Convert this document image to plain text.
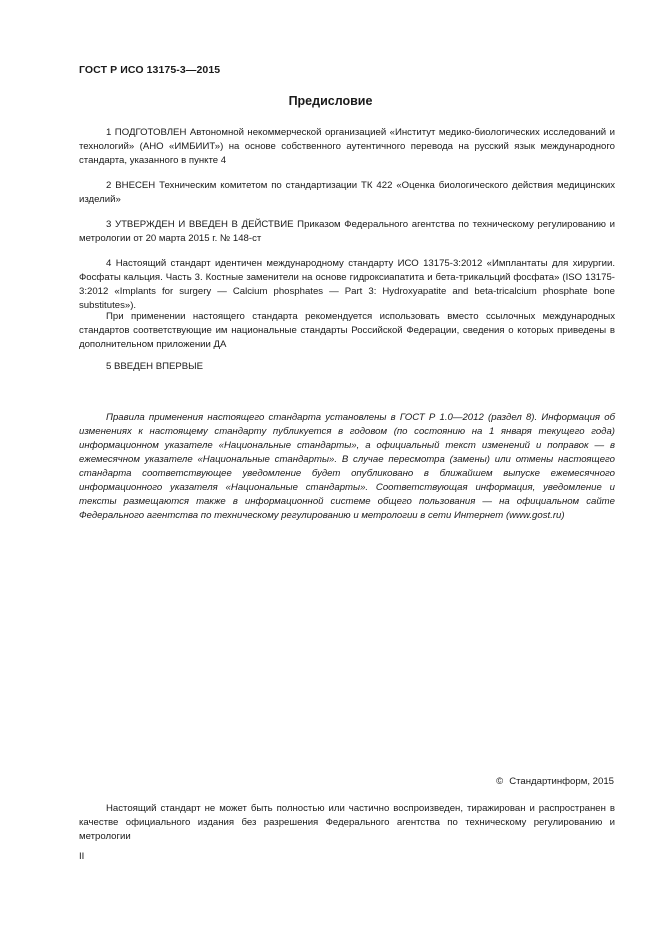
ГОСТ Р ИСО 13175-3—2015
Предисловие
1 ПОДГОТОВЛЕН Автономной некоммерческой организацией «Институт медико-биологических исследований и технологий» (АНО «ИМБИИТ») на основе собственного аутентичного перевода на русский язык международного стандарта, указанного в пункте 4
2 ВНЕСЕН Техническим комитетом по стандартизации ТК 422 «Оценка биологического действия медицинских изделий»
3 УТВЕРЖДЕН И ВВЕДЕН В ДЕЙСТВИЕ Приказом Федерального агентства по техническому регулированию и метрологии от 20 марта 2015 г. № 148-ст
4 Настоящий стандарт идентичен международному стандарту ИСО 13175-3:2012 «Имплантаты для хирургии. Фосфаты кальция. Часть 3. Костные заменители на основе гидроксиапатита и бета-трикальций фосфата» (ISO 13175-3:2012 «Implants for surgery — Calcium phosphates — Part 3: Hydroxyapatite and beta-tricalcium phosphate bone substitutes»).
При применении настоящего стандарта рекомендуется использовать вместо ссылочных международных стандартов соответствующие им национальные стандарты Российской Федерации, сведения о которых приведены в дополнительном приложении ДА
5 ВВЕДЕН ВПЕРВЫЕ
Правила применения настоящего стандарта установлены в ГОСТ Р 1.0—2012 (раздел 8). Информация об изменениях к настоящему стандарту публикуется в годовом (по состоянию на 1 января текущего года) информационном указателе «Национальные стандарты», а официальный текст изменений и поправок — в ежемесячном указателе «Национальные стандарты». В случае пересмотра (замены) или отмены настоящего стандарта соответствующее уведомление будет опубликовано в ближайшем выпуске ежемесячного информационного указателя «Национальные стандарты». Соответствующая информация, уведомление и тексты размещаются также в информационной системе общего пользования — на официальном сайте Федерального агентства по техническому регулированию и метрологии в сети Интернет (www.gost.ru)
© Стандартинформ, 2015
Настоящий стандарт не может быть полностью или частично воспроизведен, тиражирован и распространен в качестве официального издания без разрешения Федерального агентства по техническому регулированию и метрологии
II
